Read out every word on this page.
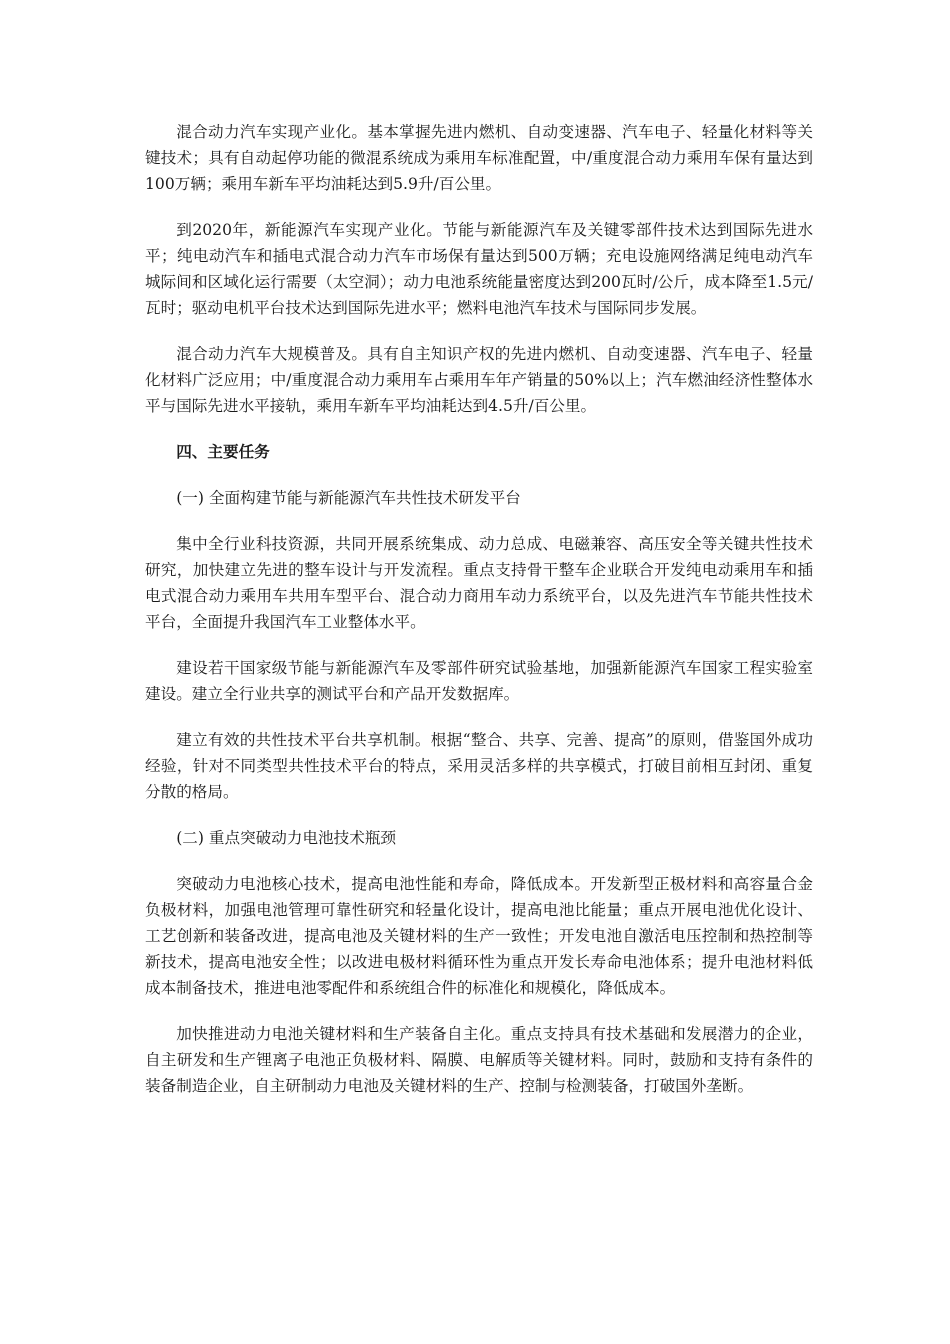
混合动力汽车实现产业化。基本掌握先进内燃机、自动变速器、汽车电子、轻量化材料等关键技术；具有自动起停功能的微混系统成为乘用车标准配置，中/重度混合动力乘用车保有量达到100万辆；乘用车新车平均油耗达到5.9升/百公里。

到2020年，新能源汽车实现产业化。节能与新能源汽车及关键零部件技术达到国际先进水平；纯电动汽车和插电式混合动力汽车市场保有量达到500万辆；充电设施网络满足纯电动汽车城际间和区域化运行需要（太空洞）；动力电池系统能量密度达到200瓦时/公斤，成本降至1.5元/瓦时；驱动电机平台技术达到国际先进水平；燃料电池汽车技术与国际同步发展。

混合动力汽车大规模普及。具有自主知识产权的先进内燃机、自动变速器、汽车电子、轻量化材料广泛应用；中/重度混合动力乘用车占乘用车年产销量的50%以上；汽车燃油经济性整体水平与国际先进水平接轨，乘用车新车平均油耗达到4.5升/百公里。

四、主要任务

(一) 全面构建节能与新能源汽车共性技术研发平台

集中全行业科技资源，共同开展系统集成、动力总成、电磁兼容、高压安全等关键共性技术研究，加快建立先进的整车设计与开发流程。重点支持骨干整车企业联合开发纯电动乘用车和插电式混合动力乘用车共用车型平台、混合动力商用车动力系统平台，以及先进汽车节能共性技术平台，全面提升我国汽车工业整体水平。

建设若干国家级节能与新能源汽车及零部件研究试验基地，加强新能源汽车国家工程实验室建设。建立全行业共享的测试平台和产品开发数据库。

建立有效的共性技术平台共享机制。根据“整合、共享、完善、提高”的原则，借鉴国外成功经验，针对不同类型共性技术平台的特点，采用灵活多样的共享模式，打破目前相互封闭、重复分散的格局。

(二) 重点突破动力电池技术瓶颈

突破动力电池核心技术，提高电池性能和寿命，降低成本。开发新型正极材料和高容量合金负极材料，加强电池管理可靠性研究和轻量化设计，提高电池比能量；重点开展电池优化设计、工艺创新和装备改进，提高电池及关键材料的生产一致性；开发电池自激活电压控制和热控制等新技术，提高电池安全性；以改进电极材料循环性为重点开发长寿命电池体系；提升电池材料低成本制备技术，推进电池零配件和系统组合件的标准化和规模化，降低成本。

加快推进动力电池关键材料和生产装备自主化。重点支持具有技术基础和发展潜力的企业，自主研发和生产锂离子电池正负极材料、隔膜、电解质等关键材料。同时，鼓励和支持有条件的装备制造企业，自主研制动力电池及关键材料的生产、控制与检测装备，打破国外垄断。
